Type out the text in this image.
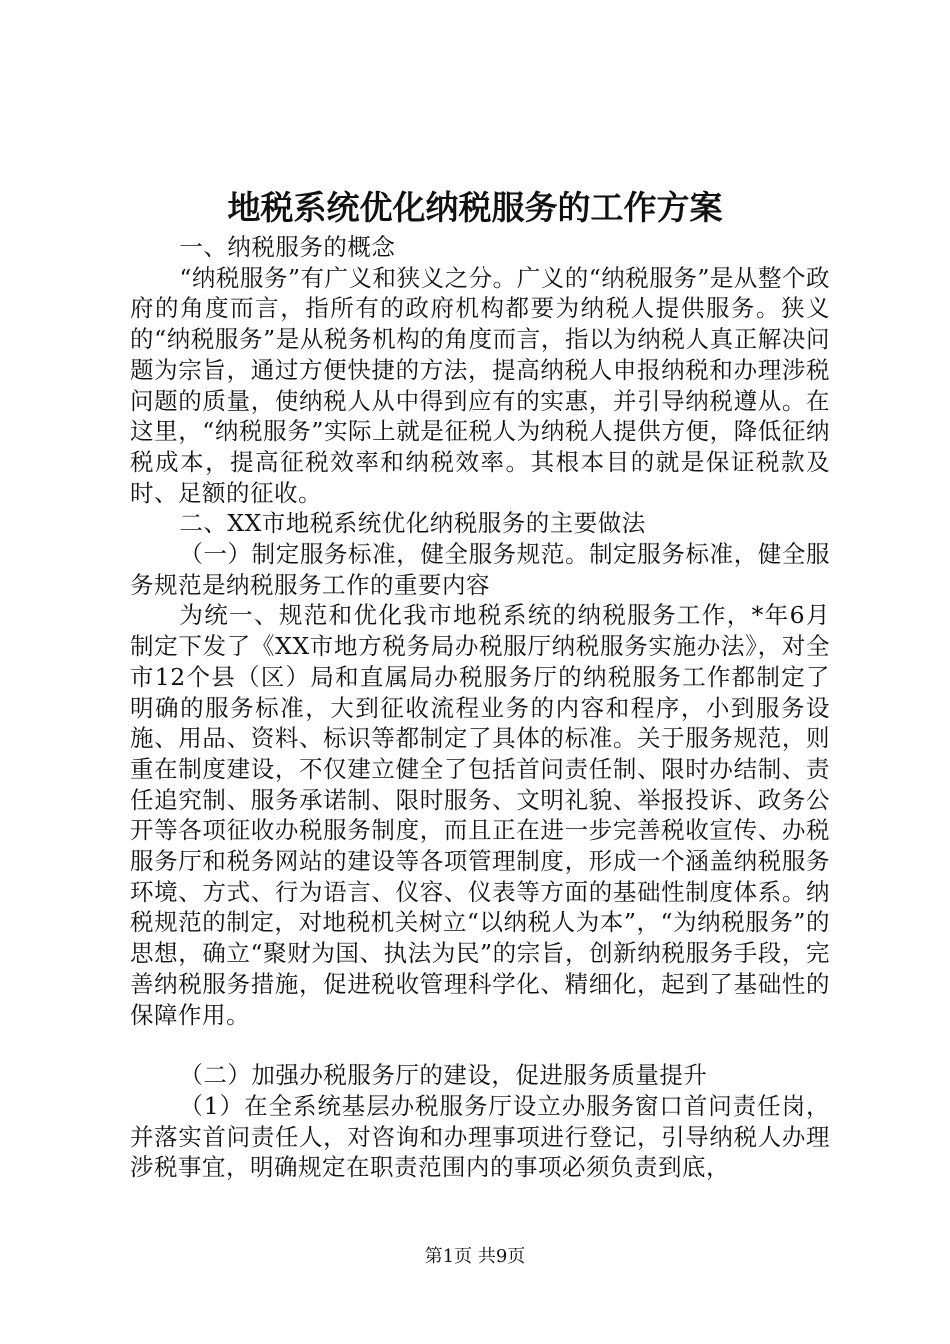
地税系统优化纳税服务的工作方案

一、纳税服务的概念

“纳税服务”有广义和狭义之分。广义的“纳税服务”是从整个政府的角度而言，指所有的政府机构都要为纳税人提供服务。狭义的“纳税服务”是从税务机构的角度而言，指以为纳税人真正解决问题为宗旨，通过方便快捷的方法，提高纳税人申报纳税和办理涉税问题的质量，使纳税人从中得到应有的实惠，并引导纳税遵从。在这里，“纳税服务”实际上就是征税人为纳税人提供方便，降低征纳税成本，提高征税效率和纳税效率。其根本目的就是保证税款及时、足额的征收。

二、XX市地税系统优化纳税服务的主要做法

（一）制定服务标准，健全服务规范。制定服务标准，健全服务规范是纳税服务工作的重要内容

为统一、规范和优化我市地税系统的纳税服务工作，*年6月制定下发了《XX市地方税务局办税服厅纳税服务实施办法》，对全市12个县（区）局和直属局办税服务厅的纳税服务工作都制定了明确的服务标准，大到征收流程业务的内容和程序，小到服务设施、用品、资料、标识等都制定了具体的标准。关于服务规范，则重在制度建设，不仅建立健全了包括首问责任制、限时办结制、责任追究制、服务承诺制、限时服务、文明礼貌、举报投诉、政务公开等各项征收办税服务制度，而且正在进一步完善税收宣传、办税服务厅和税务网站的建设等各项管理制度，形成一个涵盖纳税服务环境、方式、行为语言、仪容、仪表等方面的基础性制度体系。纳税规范的制定，对地税机关树立“以纳税人为本”，“为纳税服务”的思想，确立“聚财为国、执法为民”的宗旨，创新纳税服务手段，完善纳税服务措施，促进税收管理科学化、精细化，起到了基础性的保障作用。

（二）加强办税服务厅的建设，促进服务质量提升

（1）在全系统基层办税服务厅设立办服务窗口首问责任岗，并落实首问责任人，对咨询和办理事项进行登记，引导纳税人办理涉税事宜，明确规定在职责范围内的事项必须负责到底，

第1页 共9页
